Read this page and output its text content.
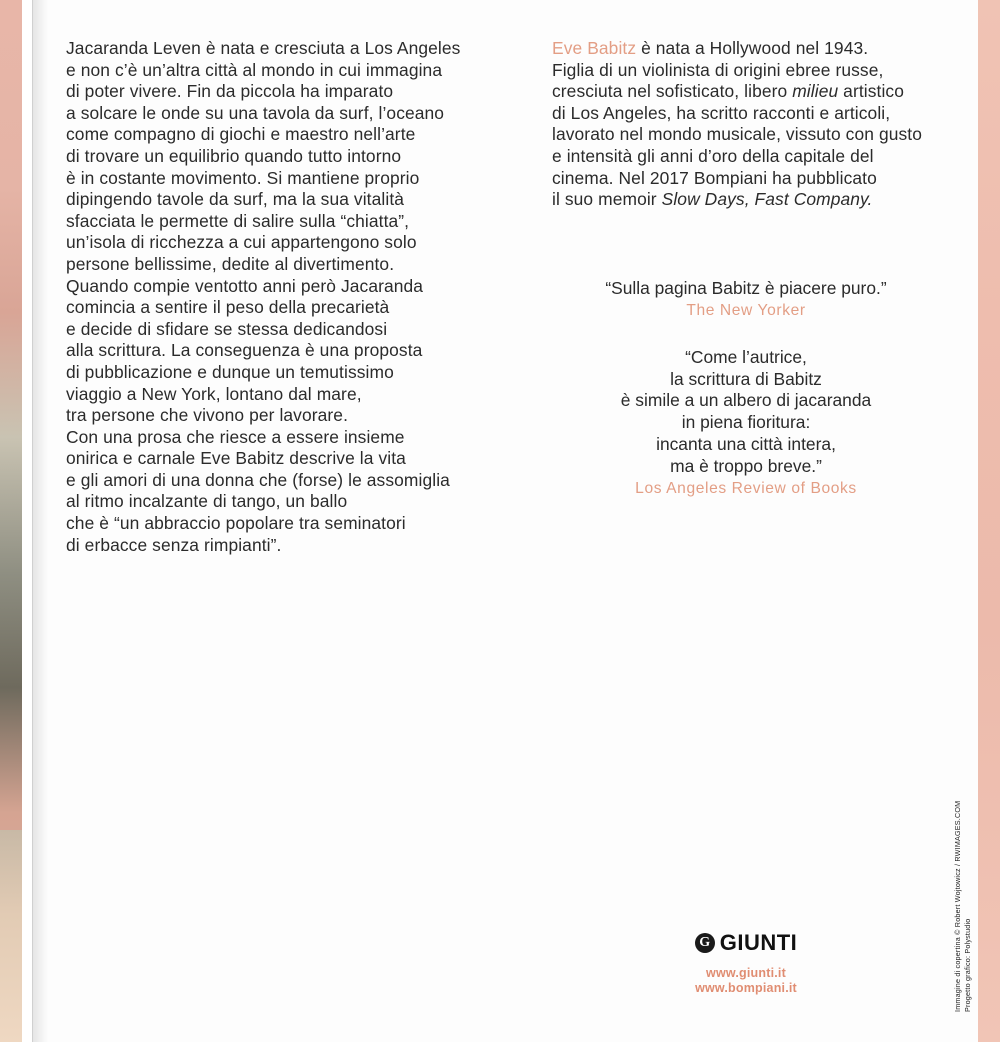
Jacaranda Leven è nata e cresciuta a Los Angeles
e non c’è un’altra città al mondo in cui immagina
di poter vivere. Fin da piccola ha imparato
a solcare le onde su una tavola da surf, l’oceano
come compagno di giochi e maestro nell’arte
di trovare un equilibrio quando tutto intorno
è in costante movimento. Si mantiene proprio
dipingendo tavole da surf, ma la sua vitalità
sfacciata le permette di salire sulla “chiatta”,
un’isola di ricchezza a cui appartengono solo
persone bellissime, dedite al divertimento.
Quando compie ventotto anni però Jacaranda
comincia a sentire il peso della precarietà
e decide di sfidare se stessa dedicandosi
alla scrittura. La conseguenza è una proposta
di pubblicazione e dunque un temutissimo
viaggio a New York, lontano dal mare,
tra persone che vivono per lavorare.
Con una prosa che riesce a essere insieme
onirica e carnale Eve Babitz descrive la vita
e gli amori di una donna che (forse) le assomiglia
al ritmo incalzante di tango, un ballo
che è “un abbraccio popolare tra seminatori
di erbacce senza rimpianti”.
Eve Babitz è nata a Hollywood nel 1943.
Figlia di un violinista di origini ebree russe,
cresciuta nel sofisticato, libero milieu artistico
di Los Angeles, ha scritto racconti e articoli,
lavorato nel mondo musicale, vissuto con gusto
e intensità gli anni d’oro della capitale del
cinema. Nel 2017 Bompiani ha pubblicato
il suo memoir Slow Days, Fast Company.
“Sulla pagina Babitz è piacere puro.”
The New Yorker
“Come l’autrice,
la scrittura di Babitz
è simile a un albero di jacaranda
in piena fioritura:
incanta una città intera,
ma è troppo breve.”
Los Angeles Review of Books
G GIUNTI
www.giunti.it
www.bompiani.it	Immagine di copertina © Robert Wojtowicz / RWIMAGES.COM Progetto grafico: Polystudio
